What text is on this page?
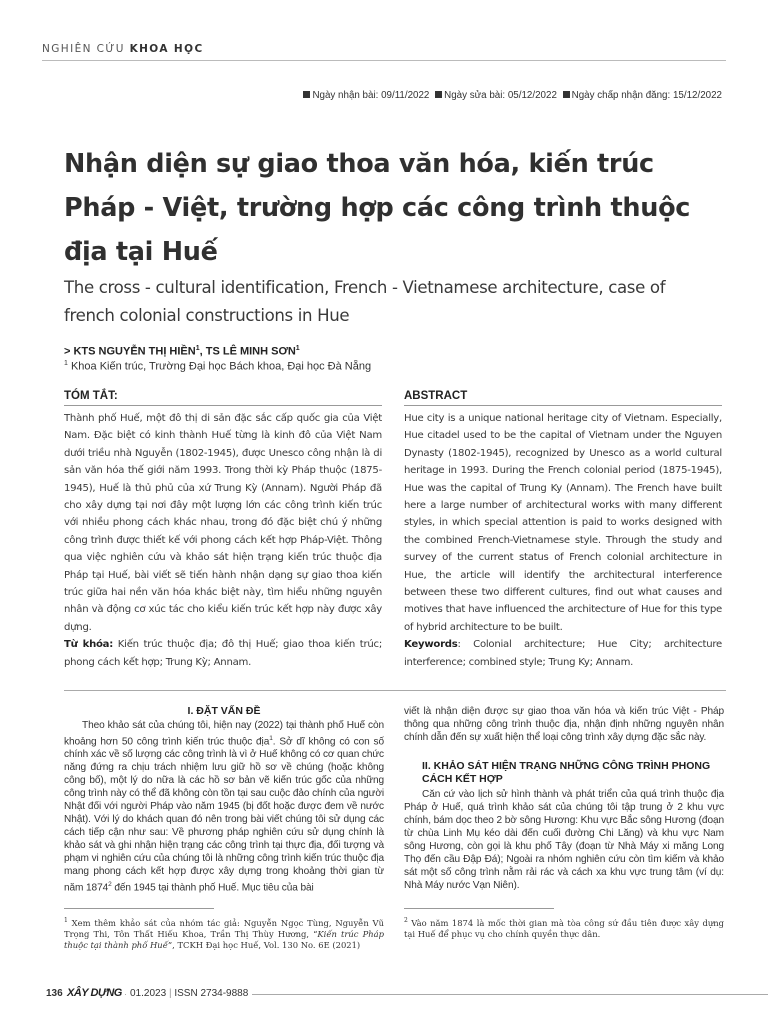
NGHIÊN CỨU KHOA HỌC
Ngày nhận bài: 09/11/2022 Ngày sửa bài: 05/12/2022 Ngày chấp nhận đăng: 15/12/2022
Nhận diện sự giao thoa văn hóa, kiến trúc Pháp - Việt, trường hợp các công trình thuộc địa tại Huế
The cross - cultural identification, French - Vietnamese architecture, case of french colonial constructions in Hue
> KTS NGUYỄN THỊ HIỀN$^1$, TS LÊ MINH SƠN$^1$
$^1$ Khoa Kiến trúc, Trường Đại học Bách khoa, Đại học Đà Nẵng
TÓM TẮT:

Thành phố Huế, một đô thị di sản đặc sắc cấp quốc gia của Việt Nam. Đặc biệt có kinh thành Huế từng là kinh đô của Việt Nam dưới triều nhà Nguyễn (1802-1945), được Unesco công nhận là di sản văn hóa thế giới năm 1993. Trong thời kỳ Pháp thuộc (1875-1945), Huế là thủ phủ của xứ Trung Kỳ (Annam). Người Pháp đã cho xây dựng tại nơi đây một lượng lớn các công trình kiến trúc với nhiều phong cách khác nhau, trong đó đặc biệt chú ý những công trình được thiết kế với phong cách kết hợp Pháp-Việt. Thông qua việc nghiên cứu và khảo sát hiện trạng kiến trúc thuộc địa Pháp tại Huế, bài viết sẽ tiến hành nhận dạng sự giao thoa kiến trúc giữa hai nền văn hóa khác biệt này, tìm hiểu những nguyên nhân và động cơ xúc tác cho kiểu kiến trúc kết hợp này được xây dựng.
Từ khóa: Kiến trúc thuộc địa; đô thị Huế; giao thoa kiến trúc; phong cách kết hợp; Trung Kỳ; Annam.

ABSTRACT

Hue city is a unique national heritage city of Vietnam. Especially, Hue citadel used to be the capital of Vietnam under the Nguyen Dynasty (1802-1945), recognized by Unesco as a world cultural heritage in 1993. During the French colonial period (1875-1945), Hue was the capital of Trung Ky (Annam). The French have built here a large number of architectural works with many different styles, in which special attention is paid to works designed with the combined French-Vietnamese style. Through the study and survey of the current status of French colonial architecture in Hue, the article will identify the architectural interference between these two different cultures, find out what causes and motives that have influenced the architecture of Hue for this type of hybrid architecture to be built.
Keywords: Colonial architecture; Hue City; architecture interference; combined style; Trung Ky; Annam.

I. ĐẶT VẤN ĐỀ

Theo khảo sát của chúng tôi, hiện nay (2022) tại thành phố Huế còn khoảng hơn 50 công trình kiến trúc thuộc địa$^1$. Sở dĩ không có con số chính xác về số lượng các công trình là vì ở Huế không có cơ quan chức năng đứng ra chịu trách nhiệm lưu giữ hồ sơ về chúng (hoặc không công bố), một lý do nữa là các hồ sơ bản vẽ kiến trúc gốc của những công trình này có thể đã không còn tồn tại sau cuộc đảo chính của người Nhật đối với người Pháp vào năm 1945 (bị đốt hoặc được đem về nước Nhật). Với lý do khách quan đó nên trong bài viết chúng tôi sử dụng các cách tiếp cận như sau: Về phương pháp nghiên cứu sử dụng chính là khảo sát và ghi nhận hiện trạng các công trình tại thực địa, đối tượng và phạm vi nghiên cứu của chúng tôi là những công trình kiến trúc thuộc địa mang phong cách kết hợp được xây dựng trong khoảng thời gian từ năm 1874$^2$ đến 1945 tại thành phố Huế. Mục tiêu của bài

viết là nhận diện được sự giao thoa văn hóa và kiến trúc Việt - Pháp thông qua những công trình thuộc địa, nhận định những nguyên nhân chính dẫn đến sự xuất hiện thể loại công trình xây dựng đặc sắc này.

II. KHẢO SÁT HIỆN TRẠNG NHỮNG CÔNG TRÌNH PHONG CÁCH KẾT HỢP

Căn cứ vào lịch sử hình thành và phát triển của quá trình thuộc địa Pháp ở Huế, quá trình khảo sát của chúng tôi tập trung ở 2 khu vực chính, bám dọc theo 2 bờ sông Hương: Khu vực Bắc sông Hương (đoạn từ chùa Linh Mụ kéo dài đến cuối đường Chi Lăng) và khu vực Nam sông Hương, còn gọi là khu phố Tây (đoạn từ Nhà Máy xi măng Long Thọ đến cầu Đập Đá); Ngoài ra nhóm nghiên cứu còn tìm kiếm và khảo sát một số công trình nằm rải rác và cách xa khu vực trung tâm (ví dụ: Nhà Máy nước Vạn Niên).

$^1$ Xem thêm khảo sát của nhóm tác giả: Nguyễn Ngọc Tùng, Nguyễn Vũ Trọng Thi, Tôn Thất Hiếu Khoa, Trần Thị Thùy Hương, “Kiến trúc Pháp thuộc tại thành phố Huế”, TCKH Đại học Huế, Vol. 130 No. 6E (2021)
$^2$ Vào năm 1874 là mốc thời gian mà tòa công sứ đầu tiên được xây dựng tại Huế để phục vụ cho chính quyền thực dân.
136 XÂY DỰNG 01.2023 | ISSN 2734-9888
